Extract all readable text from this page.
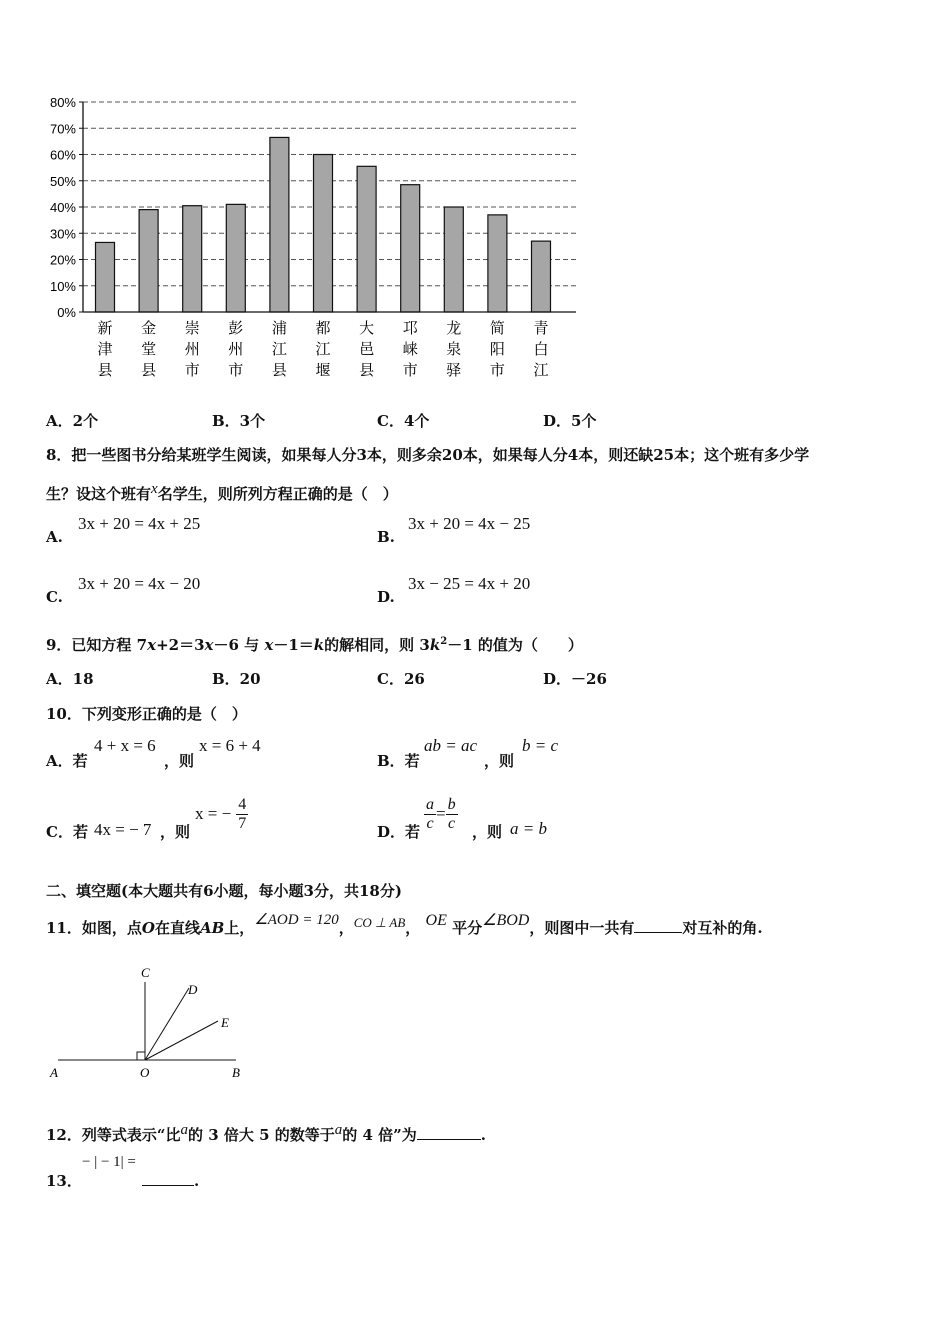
0%
10%
20%
30%
40%
50%
60%
70%
80%
新
津
县
金
堂
县
崇
州
市
彭
州
市
浦
江
县
都
江
堰
大
邑
县
邛
崃
市
龙
泉
驿
简
阳
市
青
白
江
A．2个	B．3个	C．4个	D．5个
8．把一些图书分给某班学生阅读，如果每人分3本，则多余20本，如果每人分4本，则还缺25本；这个班有多少学
生？设这个班有$^x$名学生，则所列方程正确的是（　）
A.
3x + 20 = 4x + 25
B.
3x + 20 = 4x − 25
C.
3x + 20 = 4x − 20
D.
3x − 25 = 4x + 20
9．已知方程 7x+2＝3x－6 与 x－1＝k的解相同，则 $3k^2-1$ 的值为（　　）
A．18	B．20	C．26	D．－26
10．下列变形正确的是（　）
A．若
4 + x = 6
，则
x = 6 + 4
B．若
ab = ac
，则
b = c
C．若 4x = − 7 ，则
x = − $\frac{4}{7}$	D．若 $\frac{a}{c} = \frac{b}{c}$ ，则 a = b
二、填空题(本大题共有6小题，每小题3分，共18分)
11．如图，点O在直线AB上，∠AOD = 120，CO ⊥ AB， OE 平分∠BOD，则图中一共有	对互补的角.
C
D
E
A	O	B
12．列等式表示“比$^a$的 3 倍大 5 的数等于$^a$的 4 倍”为	.
13．
− | − 1| =
.
